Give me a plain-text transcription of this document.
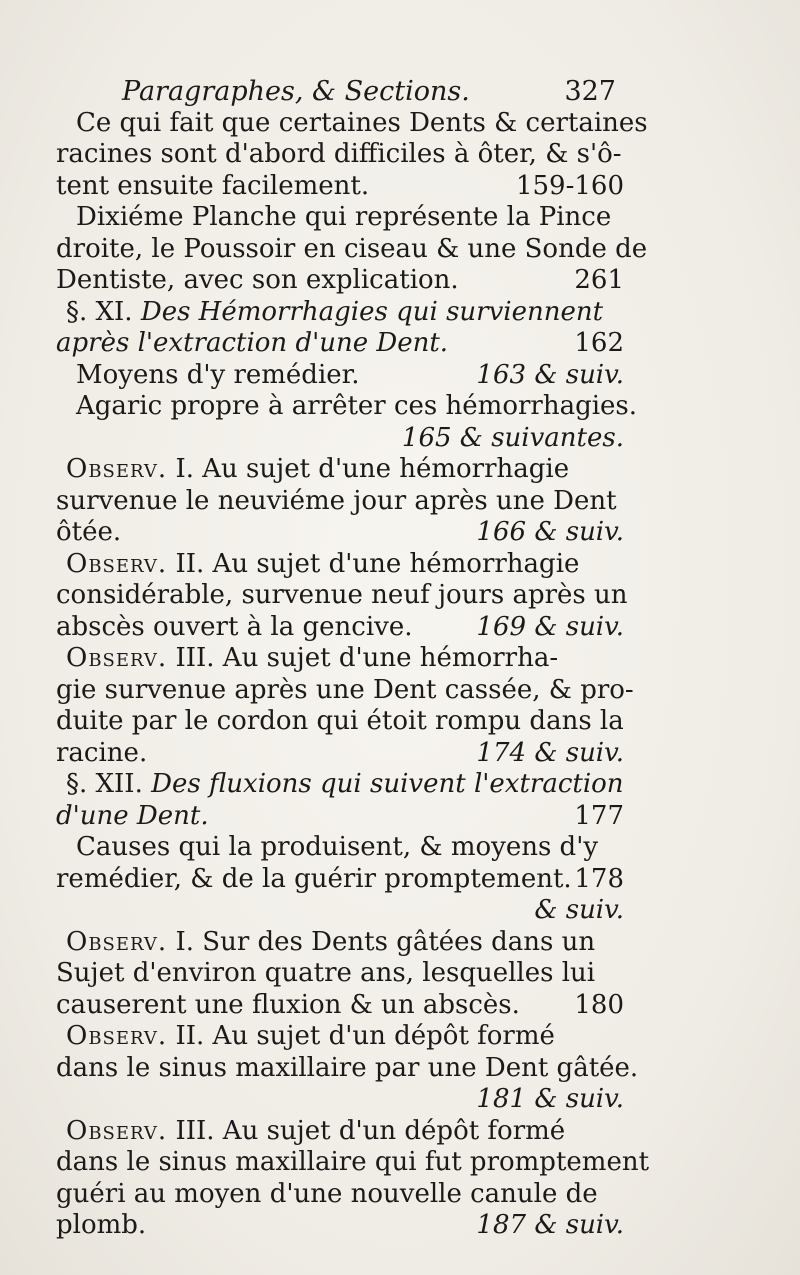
Paragraphes, & Sections.	327
Ce qui fait que certaines Dents & certaines
racines sont d'abord difficiles à ôter, & s'ô-
tent ensuite facilement.	159-160
Dixiéme Planche qui représente la Pince
droite, le Poussoir en ciseau & une Sonde de
Dentiste, avec son explication.	261
§. XI.
Des Hémorrhagies qui surviennent
après l'extraction d'une Dent.	162
Moyens d'y remédier.	163 & suiv.
Agaric propre à arrêter ces hémorrhagies.
165 & suivantes.
Observ.
I. Au sujet d'une hémorrhagie
survenue le neuviéme jour après une Dent
ôtée.	166 & suiv.
Observ.
II. Au sujet d'une hémorrhagie
considérable, survenue neuf jours après un
abscès ouvert à la gencive. 169 & suiv.
Observ.
III. Au sujet d'une hémorrha-
gie survenue après une Dent cassée, & pro-
duite par le cordon qui étoit rompu dans la
racine.	174 & suiv.
§. XII.
Des fluxions qui suivent l'extraction
d'une Dent.	177
Causes qui la produisent, & moyens d'y
remédier, & de la guérir promptement. 178
& suiv.
Observ.
I. Sur des Dents gâtées dans un
Sujet d'environ quatre ans, lesquelles lui
causerent une fluxion & un abscès. 180
Observ.
II. Au sujet d'un dépôt formé
dans le sinus maxillaire par une Dent gâtée.
181 & suiv.
Observ.
III. Au sujet d'un dépôt formé
dans le sinus maxillaire qui fut promptement
guéri au moyen d'une nouvelle canule de
plomb.	187 & suiv.
